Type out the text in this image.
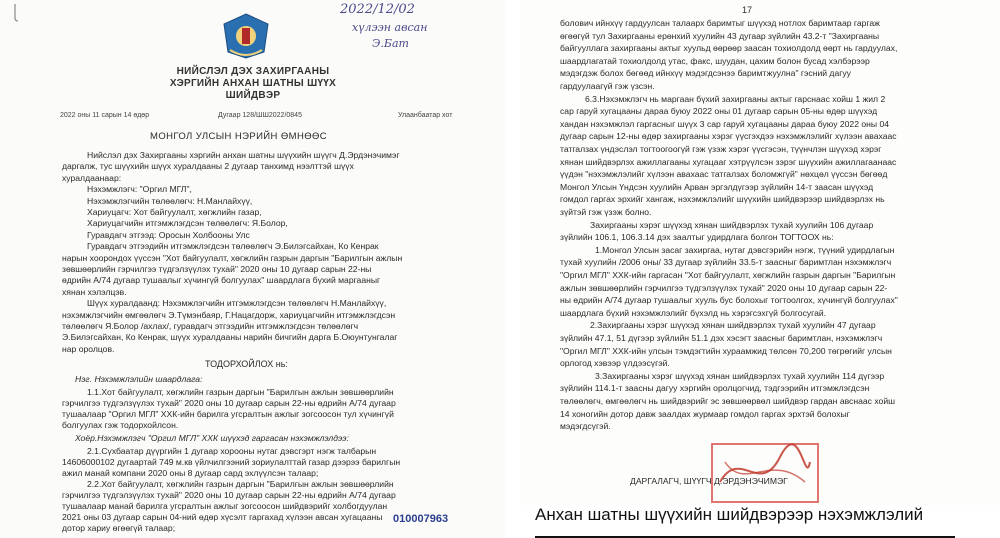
2022/12/02
хүлээн авсан
Э.Бат
НИЙСЛЭЛ ДЭХ ЗАХИРГААНЫ
ХЭРГИЙН АНХАН ШАТНЫ ШҮҮХ
ШИЙДВЭР
2022 оны 11 сарын 14 өдөр	Дугаар 128/ШШ2022/0845	Улаанбаатар хот
МОНГОЛ УЛСЫН НЭРИЙН ӨМНӨӨС
Нийслэл дэх Захиргааны хэргийн анхан шатны шүүхийн шүүгч Д.Эрдэнэчимэг
даргалж, тус шүүхийн шүүх хуралдааны 2 дугаар танхимд нээлттэй шүүх
хуралдаанаар:
Нэхэмжлэгч: "Оргил МГЛ",
Нэхэмжлэгчийн төлөөлөгч: Н.Манлайхүү,
Хариуцагч: Хот байгуулалт, хөгжлийн газар,
Хариуцагчийн итгэмжлэгдсэн төлөөлөгч: Я.Болор,
Гуравдагч этгээд: Оросын Холбооны Улс
Гуравдагч этгээдийн итгэмжлэгдсэн төлөөлөгч Э.Билэгсайхан, Ко Кенрак
нарын хоорондох үүссэн "Хот байгуулалт, хөгжлийн газрын даргын "Барилгын ажлын
зөвшөөрлийн гэрчилгээ түдгэлзүүлэх тухай" 2020 оны 10 дугаар сарын 22-ны
өдрийн А/74 дугаар тушаалыг хүчингүй болгуулах" шаардлага бүхий маргааныг
хянан хэлэлцэв.
Шүүх хуралдаанд: Нэхэмжлэгчийн итгэмжлэгдсэн төлөөлөгч Н.Манлайхүү,
нэхэмжлэгчийн өмгөөлөгч Э.Түмэнбаяр, Г.Нацагдорж, хариуцагчийн итгэмжлэгдсэн
төлөөлөгч Я.Болор /ахлах/, гуравдагч этгээдийн итгэмжлэгдсэн төлөөлөгч
Э.Билэгсайхан, Ко Кенрак, шүүх хуралдааны нарийн бичгийн дарга Б.Оюунтунгалаг
нар оролцов.
ТОДОРХОЙЛОХ нь:
Нэг. Нэхэмжлэлийн шаардлага:
1.1.Хот байгуулалт, хөгжлийн газрын даргын "Барилгын ажлын зөвшөөрлийн
гэрчилгээ түдгэлзүүлэх тухай" 2020 оны 10 дугаар сарын 22-ны өдрийн А/74 дугаар
тушаалаар "Оргил МГЛ" ХХК-ийн барилга угсралтын ажлыг зогсоосон тул хүчингүй
болгуулах гэж тодорхойлсон.
Хоёр.Нэхэмжлэгч "Оргил МГЛ" ХХК шүүхэд гаргасан нэхэмжлэлдээ:
2.1.Сүхбаатар дүүргийн 1 дугаар хорооны нутаг дэвсгэрт нэгж талбарын
14606000102 дугаартай 749 м.кв үйлчилгээний зориулалттай газар дээрээ барилгын
ажил манай компани 2020 оны 8 дугаар сард эхлүүлсэн талаар;
2.2.Хот байгуулалт, хөгжлийн газрын даргын "Барилгын ажлын зөвшөөрлийн
гэрчилгээ түдгэлзүүлэх тухай" 2020 оны 10 дугаар сарын 22-ны өдрийн А/74 дугаар
тушаалаар манай барилга угсралтын ажлыг зогсоосон шийдвэрийг холбогдуулан
2021 оны 03 дугаар сарын 04-ний өдөр хүсэлт гаргахад хүлээн авсан хугацааны
дотор хариу өгөөгүй талаар;
010007963
17
болович ийнхүү гардуулсан талаарх баримтыг шүүхэд нотлох баримтаар гаргаж
өгөөгүй тул Захиргааны ерөнхий хуулийн 43 дугаар зүйлийн 43.2-т "Захиргааны
байгууллага захиргааны актыг хуульд өөрөөр заасан тохиолдолд өөрт нь гардуулах,
шаардлагатай тохиолдолд утас, факс, шуудан, цахим болон бусад хэлбэрээр
мэдэгдэж болох бөгөөд ийнхүү мэдэгдсэнээ баримтжуулна" гэсний дагуу
гардуулаагүй гэж үзсэн.
6.3.Нэхэмжлэгч нь маргаан бүхий захиргааны актыг гарснаас хойш 1 жил 2
сар гаруй хугацааны дараа буюу 2022 оны 01 дугаар сарын 05-ны өдөр шүүхэд
хандан нэхэмжлэл гаргасныг шүүх 3 сар гаруй хугацааны дараа буюу 2022 оны 04
дугаар сарын 12-ны өдөр захиргааны хэрэг үүсгэхдээ нэхэмжлэлийг хүлээн авахаас
татгалзах үндэслэл тогтоогоогүй гэж үзэж хэрэг үүсгэсэн, түүнчлэн шүүхэд хэрэг
хянан шийдвэрлэх ажиллагааны хугацааг хэтрүүлсэн зэрэг шүүхийн ажиллагаанаас
үүдэн "нэхэмжлэлийг хүлээн авахаас татгалзах боломжгүй" нөхцөл үүссэн бөгөөд
Монгол Улсын Үндсэн хуулийн Арван эргэлдүгээр зүйлийн 14-т заасан шүүхэд
гомдол гаргах эрхийг хангаж, нэхэмжлэлийг шүүхийн шийдвэрээр шийдвэрлэх нь
зүйтэй гэж үзэж болно.
Захиргааны хэрэг шүүхэд хянан шийдвэрлэх тухай хуулийн 106 дугаар
зүйлийн 106.1, 106.3.14 дэх заалтыг удирдлага болгон ТОГТООХ нь:
1.Монгол Улсын засаг захиргаа, нутаг дэвсгэрийн нэгж, түүний удирдлагын
тухай хуулийн /2006 оны/ 33 дугаар зүйлийн 33.5-т заасныг баримтлан нэхэмжлэгч
"Оргил МГЛ" ХХК-ийн гаргасан "Хот байгуулалт, хөгжлийн газрын даргын "Барилгын
ажлын зөвшөөрлийн гэрчилгээ түдгэлзүүлэх тухай" 2020 оны 10 дугаар сарын 22-
ны өдрийн А/74 дугаар тушаалыг хууль бус болохыг тогтоолгох, хүчингүй болгуулах"
шаардлага бүхий нэхэмжлэлийг бүхэлд нь хэрэгсэхгүй болгосугай.
2.Захиргааны хэрэг шүүхэд хянан шийдвэрлэх тухай хуулийн 47 дугаар
зүйлийн 47.1, 51 дүгээр зүйлийн 51.1 дэх хэсэгт заасныг баримтлан, нэхэмжлэгч
"Оргил МГЛ" ХХК-ийн улсын тэмдэгтийн хураамжид төлсөн 70,200 төгрөгийг улсын
орлогод хэвээр үлдээсүгэй.
3.Захиргааны хэрэг шүүхэд хянан шийдвэрлэх тухай хуулийн 114 дүгээр
зүйлийн 114.1-т заасны дагуу хэргийн оролцогчид, тэдгээрийн итгэмжлэгдсэн
төлөөлөгч, өмгөөлөгч нь шийдвэрийг эс зөвшөөрвөл шийдвэр гардан авснаас хойш
14 хоногийн дотор давж заалдах журмаар гомдол гаргах эрхтэй болохыг
мэдэгдсүгэй.
ДАРГАЛАГЧ, ШҮҮГЧ Д.ЭРДЭНЭЧИМЭГ
Анхан шатны шүүхийн шийдвэрээр нэхэмжлэлий
